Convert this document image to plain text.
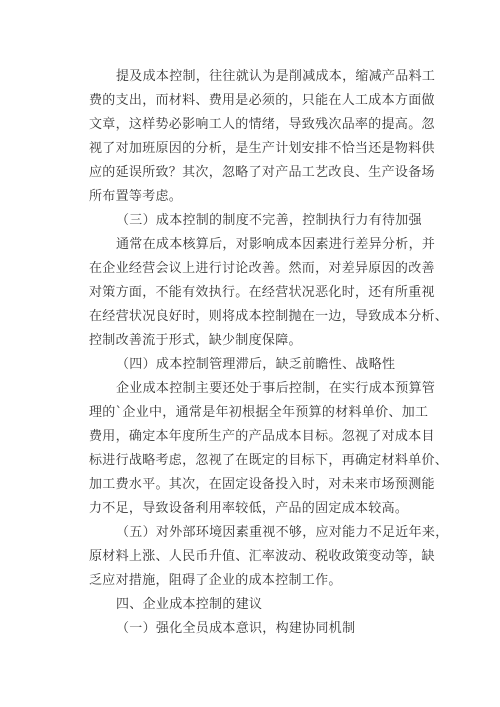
提及成本控制，往往就认为是削减成本，缩减产品料工
费的支出，而材料、费用是必须的，只能在人工成本方面做
文章，这样势必影响工人的情绪，导致残次品率的提高。忽
视了对加班原因的分析，是生产计划安排不恰当还是物料供
应的延误所致？其次，忽略了对产品工艺改良、生产设备场
所布置等考虑。
（三）成本控制的制度不完善，控制执行力有待加强
通常在成本核算后，对影响成本因素进行差异分析，并
在企业经营会议上进行讨论改善。然而，对差异原因的改善
对策方面，不能有效执行。在经营状况恶化时，还有所重视
在经营状况良好时，则将成本控制抛在一边，导致成本分析、
控制改善流于形式，缺少制度保障。
（四）成本控制管理滞后，缺乏前瞻性、战略性
企业成本控制主要还处于事后控制，在实行成本预算管
理的`企业中，通常是年初根据全年预算的材料单价、加工
费用，确定本年度所生产的产品成本目标。忽视了对成本目
标进行战略考虑，忽视了在既定的目标下，再确定材料单价、
加工费水平。其次，在固定设备投入时，对未来市场预测能
力不足，导致设备利用率较低，产品的固定成本较高。
（五）对外部环境因素重视不够，应对能力不足近年来，
原材料上涨、人民币升值、汇率波动、税收政策变动等，缺
乏应对措施，阻碍了企业的成本控制工作。
四、企业成本控制的建议
（一）强化全员成本意识，构建协同机制
